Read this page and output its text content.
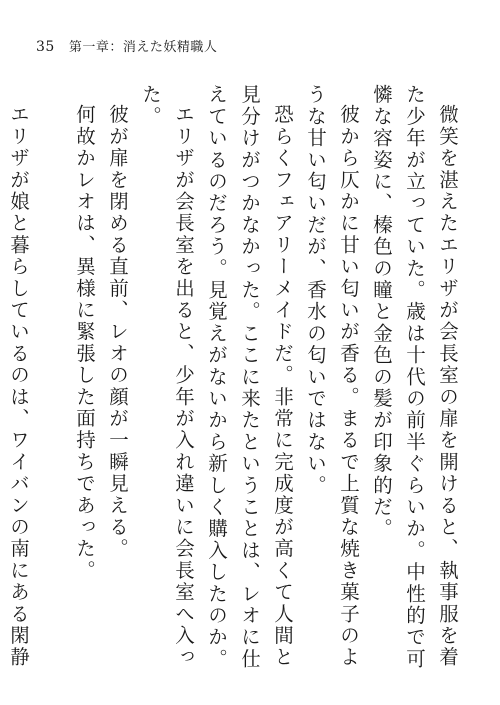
35 第一章：消えた妖精職人

微笑を湛えたエリザが会長室の扉を開けると、執事服を着た少年が立っていた。歳は十代の前半ぐらいか。中性的で可憐な容姿に、榛色の瞳と金色の髪が印象的だ。

彼から仄かに甘い匂いが香る。まるで上質な焼き菓子のような甘い匂いだが、香水の匂いではない。

恐らくフェアリーメイドだ。非常に完成度が高くて人間と見分けがつかなかった。ここに来たということは、レオに仕えているのだろう。見覚えがないから新しく購入したのか。

エリザが会長室を出ると、少年が入れ違いに会長室へ入った。

彼が扉を閉める直前、レオの顔が一瞬見える。

何故かレオは、異様に緊張した面持ちであった。

エリザが娘と暮らしているのは、ワイバンの南にある閑静
